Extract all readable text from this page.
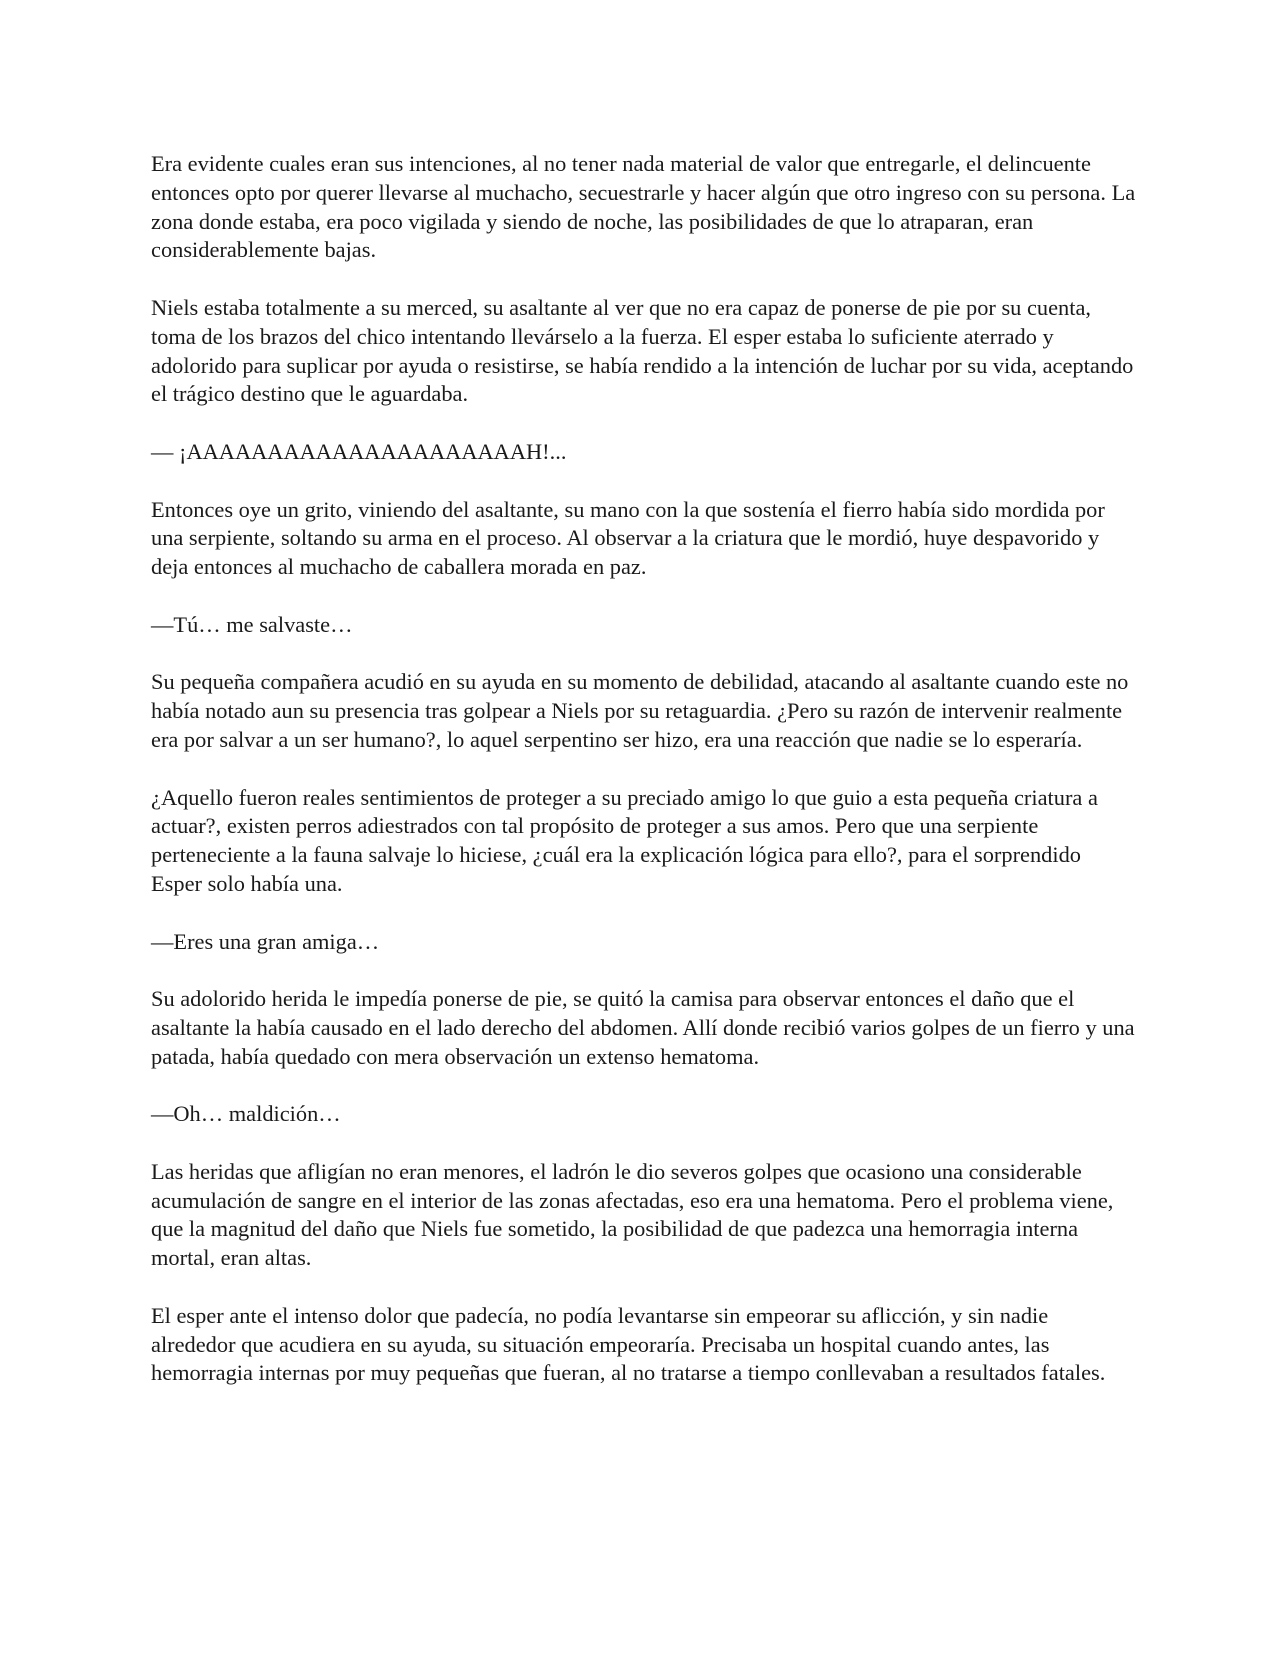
Era evidente cuales eran sus intenciones, al no tener nada material de valor que entregarle, el delincuente entonces opto por querer llevarse al muchacho, secuestrarle y hacer algún que otro ingreso con su persona. La zona donde estaba, era poco vigilada y siendo de noche, las posibilidades de que lo atraparan, eran considerablemente bajas.

Niels estaba totalmente a su merced, su asaltante al ver que no era capaz de ponerse de pie por su cuenta, toma de los brazos del chico intentando llevárselo a la fuerza. El esper estaba lo suficiente aterrado y adolorido para suplicar por ayuda o resistirse, se había rendido a la intención de luchar por su vida, aceptando el trágico destino que le aguardaba.

— ¡AAAAAAAAAAAAAAAAAAAAAH!...

Entonces oye un grito, viniendo del asaltante, su mano con la que sostenía el fierro había sido mordida por una serpiente, soltando su arma en el proceso. Al observar a la criatura que le mordió, huye despavorido y deja entonces al muchacho de caballera morada en paz.

—Tú… me salvaste…

Su pequeña compañera acudió en su ayuda en su momento de debilidad, atacando al asaltante cuando este no había notado aun su presencia tras golpear a Niels por su retaguardia. ¿Pero su razón de intervenir realmente era por salvar a un ser humano?, lo aquel serpentino ser hizo, era una reacción que nadie se lo esperaría.

¿Aquello fueron reales sentimientos de proteger a su preciado amigo lo que guio a esta pequeña criatura a actuar?, existen perros adiestrados con tal propósito de proteger a sus amos. Pero que una serpiente perteneciente a la fauna salvaje lo hiciese, ¿cuál era la explicación lógica para ello?, para el sorprendido Esper solo había una.

—Eres una gran amiga…

Su adolorido herida le impedía ponerse de pie, se quitó la camisa para observar entonces el daño que el asaltante la había causado en el lado derecho del abdomen. Allí donde recibió varios golpes de un fierro y una patada, había quedado con mera observación un extenso hematoma.

—Oh… maldición…

Las heridas que afligían no eran menores, el ladrón le dio severos golpes que ocasiono una considerable acumulación de sangre en el interior de las zonas afectadas, eso era una hematoma. Pero el problema viene, que la magnitud del daño que Niels fue sometido, la posibilidad de que padezca una hemorragia interna mortal, eran altas.

El esper ante el intenso dolor que padecía, no podía levantarse sin empeorar su aflicción, y sin nadie alrededor que acudiera en su ayuda, su situación empeoraría. Precisaba un hospital cuando antes, las hemorragia internas por muy pequeñas que fueran, al no tratarse a tiempo conllevaban a resultados fatales.
